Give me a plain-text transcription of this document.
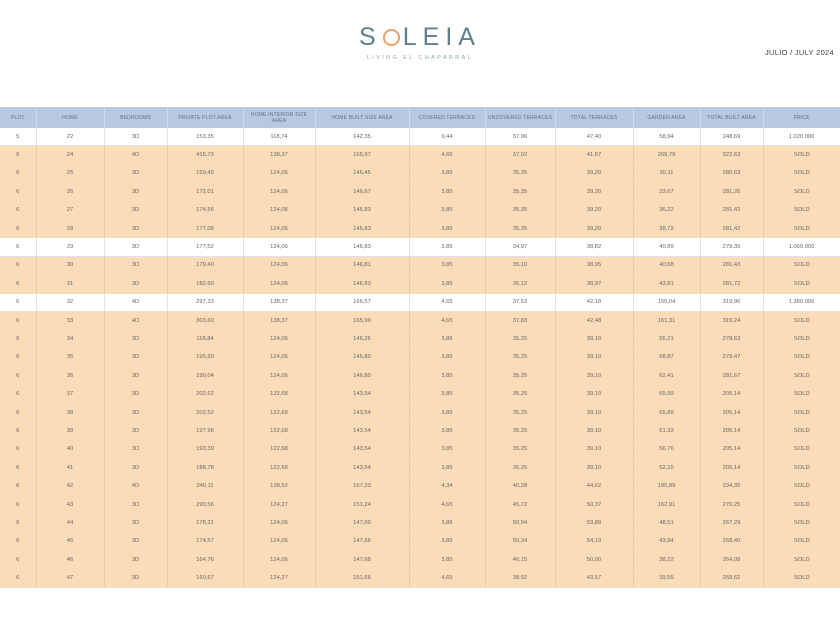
S LEIA
LIVING EL CHAPARRAL
JULIO / JULY 2024
PLOT	HOME	BEDROOMS	PRIVATE PLOT AREA	HOME INTERIOR SIZE AREA	HOME BUILT SIZE AREA	COVERED TERRACES	UNCOVERED TERRACES	TOTAL TERRACES	GARDEN AREA	TOTAL BUILT AREA	PRICE
5	22	3D	153,35	118,74	142,35	9,44	37,96	47,40	58,94	248,69	1.020.000
6	24	4D	415,73	138,37	165,97	4,65	37,02	41,67	269,79	322,63	SOLD
6	25	3D	169,45	124,06	146,45	3,85	35,35	39,20	30,11	280,63	SOLD
6	26	3D	172,01	124,06	146,67	3,85	35,35	39,20	33,67	281,26	SOLD
6	27	3D	174,56	124,06	146,83	3,85	35,35	39,20	36,22	281,42	SOLD
6	28	3D	177,06	124,06	146,83	3,85	35,35	39,20	38,72	281,42	SOLD
6	29	3D	177,52	124,06	146,83	3,85	34,97	38,82	40,89	279,35	1.069.000
6	30	3D	179,40	124,06	146,81	3,85	35,10	38,95	40,68	281,43	SOLD
6	31	3D	182,60	124,06	146,83	3,85	35,12	38,97	43,81	281,72	SOLD
6	32	4D	297,33	138,37	166,57	4,65	37,53	42,18	155,04	319,96	1.380.000
6	33	4D	303,60	138,37	165,99	4,65	37,83	42,48	161,31	319,24	SOLD
6	34	3D	118,84	124,06	146,26	3,85	35,25	39,10	55,21	278,63	SOLD
6	35	3D	195,50	124,06	146,80	3,85	35,25	39,10	58,87	279,47	SOLD
6	36	3D	199,04	124,06	146,80	3,85	35,25	39,10	62,41	281,67	SOLD
6	37	3D	202,62	122,68	143,54	3,85	35,25	39,10	65,99	205,14	SOLD
6	38	3D	202,52	122,68	143,54	3,85	35,25	39,10	65,89	205,14	SOLD
6	39	3D	197,96	122,68	143,54	3,85	35,25	39,10	61,33	205,14	SOLD
6	40	3D	193,39	122,68	143,54	3,85	35,25	39,10	56,76	205,14	SOLD
6	41	3D	188,78	122,68	143,54	3,85	35,25	39,10	52,15	205,14	SOLD
6	42	4D	340,11	138,52	167,23	4,34	40,28	44,62	195,89	234,35	SOLD
6	43	3D	290,56	124,27	151,24	4,65	45,72	50,37	162,91	270,25	SOLD
6	44	3D	178,31	124,06	147,00	3,85	50,04	53,89	48,51	267,29	SOLD
6	45	3D	174,57	124,06	147,66	3,85	50,34	54,19	43,94	268,40	SOLD
6	46	3D	164,76	124,06	147,68	3,85	46,15	50,00	38,22	264,08	SOLD
6	47	3D	160,67	124,27	151,66	4,65	38,92	43,57	39,55	268,62	SOLD
